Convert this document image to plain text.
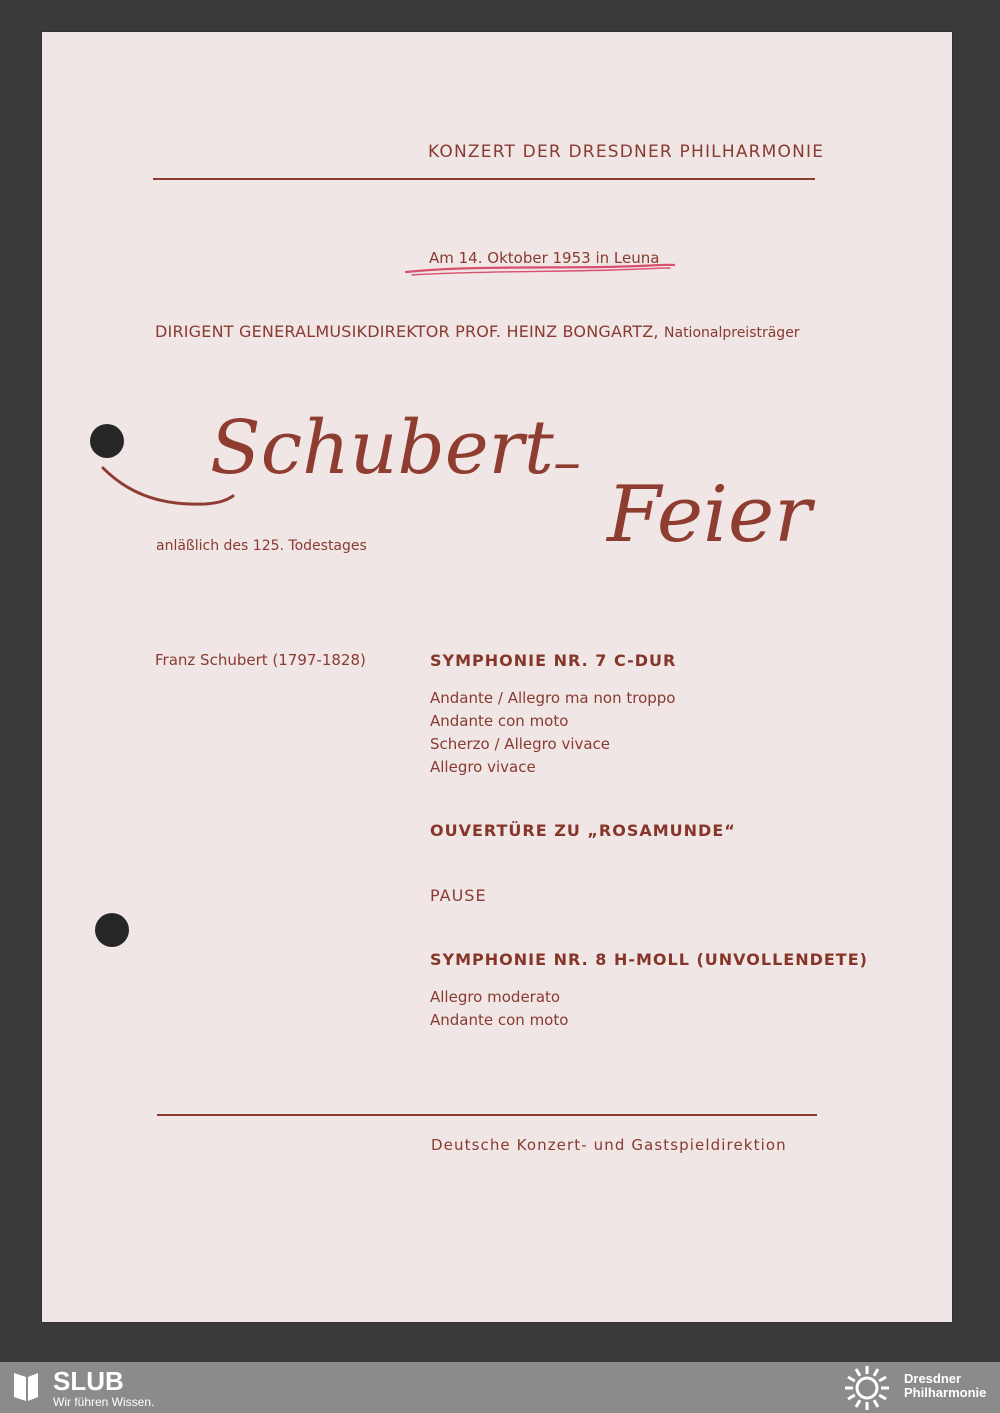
KONZERT DER DRESDNER PHILHARMONIE
Am 14. Oktober 1953 in Leuna
DIRIGENT GENERALMUSIKDIREKTOR PROF. HEINZ BONGARTZ, Nationalpreisträger
Schubert –
Feier
anläßlich des 125. Todestages
Franz Schubert (1797-1828)	SYMPHONIE NR. 7 C-DUR
Andante / Allegro ma non troppo
Andante con moto
Scherzo / Allegro vivace
Allegro vivace
OUVERTÜRE ZU „ROSAMUNDE“
PAUSE
SYMPHONIE NR. 8 H-MOLL (UNVOLLENDETE)
Allegro moderato
Andante con moto
Deutsche Konzert- und Gastspieldirektion
SLUB
Wir führen Wissen.
Dresdner
Philharmonie
